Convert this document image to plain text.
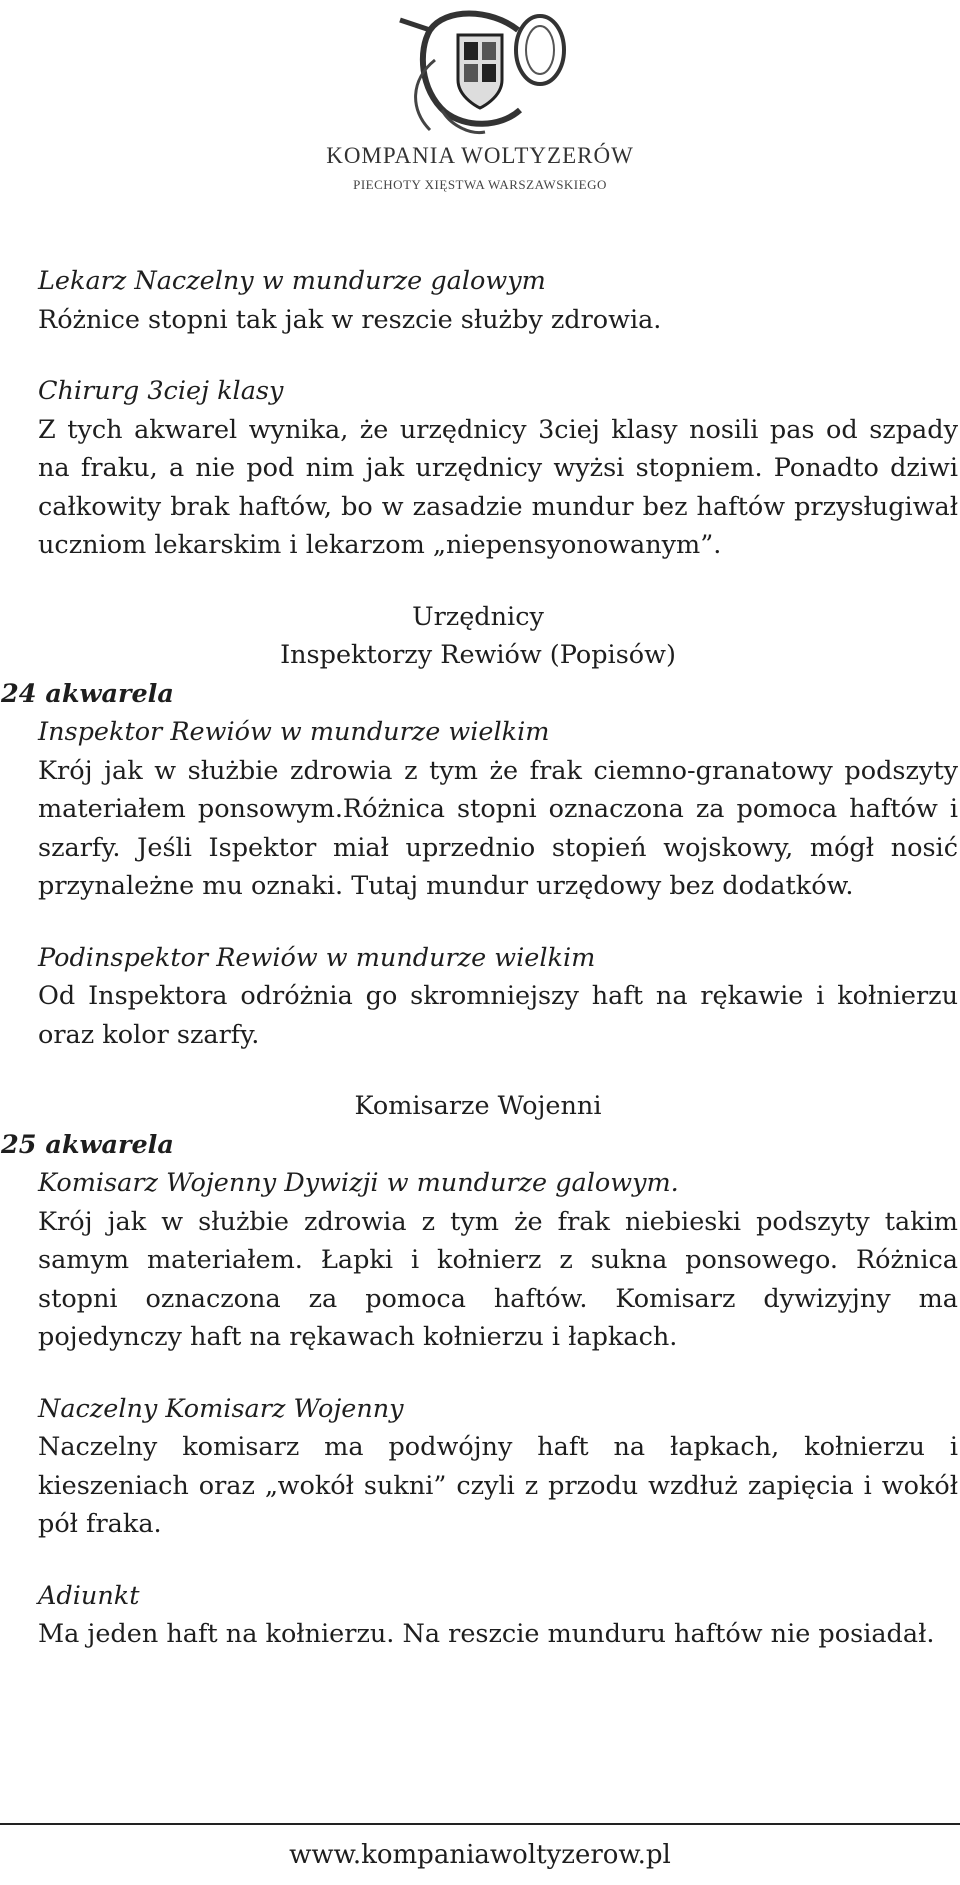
KOMPANIA WOLTYZERÓW
PIECHOTY XIĘSTWA WARSZAWSKIEGO

Lekarz Naczelny w mundurze galowym

Różnice stopni tak jak w reszcie służby zdrowia.

Chirurg 3ciej klasy

Z tych akwarel wynika, że urzędnicy 3ciej klasy nosili pas od szpady na fraku, a nie pod nim jak urzędnicy wyżsi stopniem. Ponadto dziwi całkowity brak haftów, bo w zasadzie mundur bez haftów przysługiwał uczniom lekarskim i lekarzom „niepensyonowanym”.

Urzędnicy

Inspektorzy Rewiów (Popisów)

24 akwarela

Inspektor Rewiów w mundurze wielkim

Krój jak w służbie zdrowia z tym że frak ciemno-granatowy podszyty materiałem ponsowym.Różnica stopni oznaczona za pomoca haftów i szarfy. Jeśli Ispektor miał uprzednio stopień wojskowy, mógł nosić przynależne mu oznaki. Tutaj mundur urzędowy bez dodatków.

Podinspektor Rewiów w mundurze wielkim

Od Inspektora odróżnia go skromniejszy haft na rękawie i kołnierzu oraz kolor szarfy.

Komisarze Wojenni

25 akwarela

Komisarz Wojenny Dywizji w mundurze galowym.

Krój jak w służbie zdrowia z tym że frak niebieski podszyty takim samym materiałem. Łapki i kołnierz z sukna ponsowego. Różnica stopni oznaczona za pomoca haftów. Komisarz dywizyjny ma pojedynczy haft na rękawach kołnierzu i łapkach.

Naczelny Komisarz Wojenny

Naczelny komisarz ma podwójny haft na łapkach, kołnierzu i kieszeniach oraz „wokół sukni” czyli z przodu wzdłuż zapięcia i wokół pół fraka.

Adiunkt

Ma jeden haft na kołnierzu. Na reszcie munduru haftów nie posiadał.

www.kompaniawoltyzerow.pl
